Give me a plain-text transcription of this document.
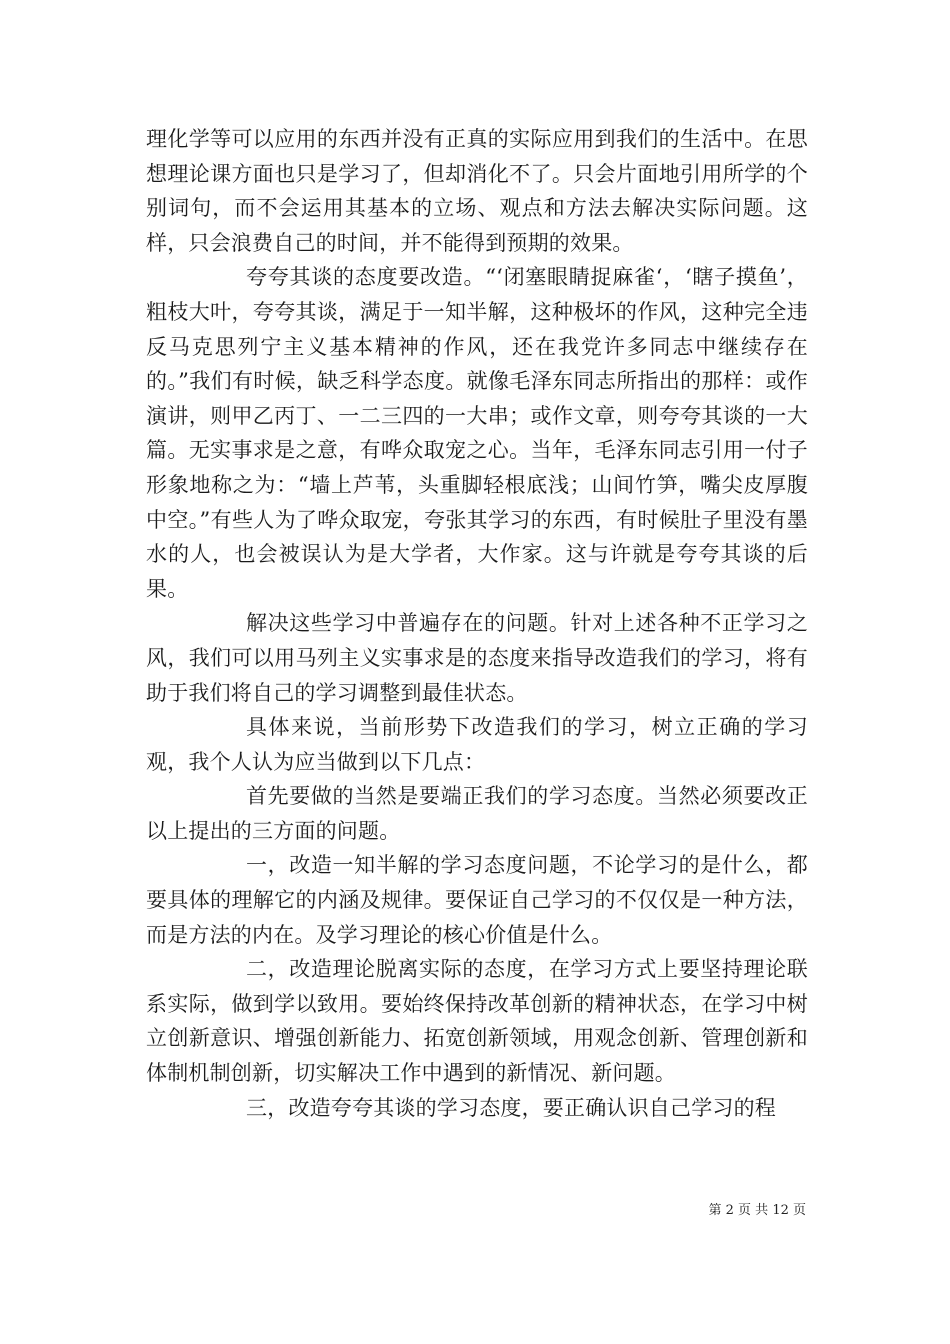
理化学等可以应用的东西并没有正真的实际应用到我们的生活中。在思想理论课方面也只是学习了，但却消化不了。只会片面地引用所学的个别词句，而不会运用其基本的立场、观点和方法去解决实际问题。这样，只会浪费自己的时间，并不能得到预期的效果。

夸夸其谈的态度要改造。“‘闭塞眼睛捉麻雀‘，‘瞎子摸鱼’，粗枝大叶，夸夸其谈，满足于一知半解，这种极坏的作风，这种完全违反马克思列宁主义基本精神的作风，还在我党许多同志中继续存在的。”我们有时候，缺乏科学态度。就像毛泽东同志所指出的那样：或作演讲，则甲乙丙丁、一二三四的一大串；或作文章，则夸夸其谈的一大篇。无实事求是之意，有哗众取宠之心。当年，毛泽东同志引用一付子形象地称之为：“墙上芦苇，头重脚轻根底浅；山间竹笋，嘴尖皮厚腹中空。”有些人为了哗众取宠，夸张其学习的东西，有时候肚子里没有墨水的人，也会被误认为是大学者，大作家。这与许就是夸夸其谈的后果。

解决这些学习中普遍存在的问题。针对上述各种不正学习之风，我们可以用马列主义实事求是的态度来指导改造我们的学习，将有助于我们将自己的学习调整到最佳状态。

具体来说，当前形势下改造我们的学习，树立正确的学习观，我个人认为应当做到以下几点：

首先要做的当然是要端正我们的学习态度。当然必须要改正以上提出的三方面的问题。

一，改造一知半解的学习态度问题，不论学习的是什么，都要具体的理解它的内涵及规律。要保证自己学习的不仅仅是一种方法，而是方法的内在。及学习理论的核心价值是什么。

二，改造理论脱离实际的态度，在学习方式上要坚持理论联系实际，做到学以致用。要始终保持改革创新的精神状态，在学习中树立创新意识、增强创新能力、拓宽创新领域，用观念创新、管理创新和体制机制创新，切实解决工作中遇到的新情况、新问题。

三，改造夸夸其谈的学习态度，要正确认识自己学习的程

第 2 页 共 12 页
